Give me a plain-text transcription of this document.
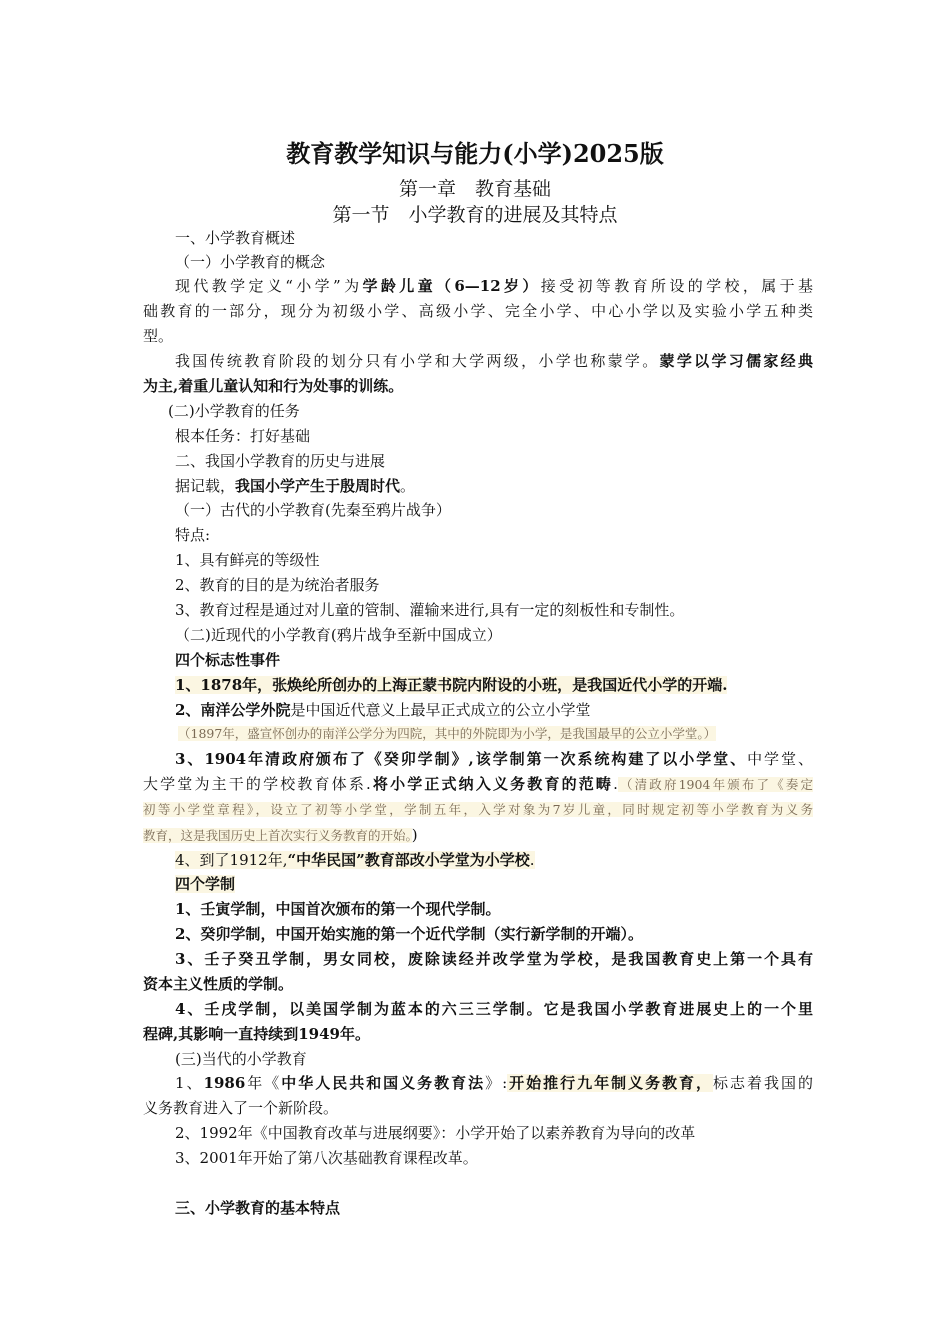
教育教学知识与能力(小学)2025版
第一章　教育基础
第一节　小学教育的进展及其特点
一、小学教育概述
（一）小学教育的概念
现代教学定义“小学”为学龄儿童（6—12岁）接受初等教育所设的学校，属于基
础教育的一部分，现分为初级小学、高级小学、完全小学、中心小学以及实验小学五种类
型。
我国传统教育阶段的划分只有小学和大学两级，小学也称蒙学。蒙学以学习儒家经典
为主,着重儿童认知和行为处事的训练。
(二)小学教育的任务
根本任务：打好基础
二、我国小学教育的历史与进展
据记载，我国小学产生于殷周时代。
（一）古代的小学教育(先秦至鸦片战争）
特点:
1、具有鲜亮的等级性
2、教育的目的是为统治者服务
3、教育过程是通过对儿童的管制、灌输来进行,具有一定的刻板性和专制性。
（二)近现代的小学教育(鸦片战争至新中国成立）
四个标志性事件
1、1878年，张焕纶所创办的上海正蒙书院内附设的小班，是我国近代小学的开端.
2、南洋公学外院是中国近代意义上最早正式成立的公立小学堂
（1897年，盛宣怀创办的南洋公学分为四院，其中的外院即为小学，是我国最早的公立小学堂。）
3、1904年清政府颁布了《癸卯学制》,该学制第一次系统构建了以小学堂、中学堂、
大学堂为主干的学校教育体系.将小学正式纳入义务教育的范畴.（清政府1904年颁布了《奏定
初等小学堂章程》，设立了初等小学堂，学制五年，入学对象为7岁儿童，同时规定初等小学教育为义务
教育，这是我国历史上首次实行义务教育的开始。)
4、到了1912年,“中华民国”教育部改小学堂为小学校.
四个学制
1、壬寅学制，中国首次颁布的第一个现代学制。
2、癸卯学制，中国开始实施的第一个近代学制（实行新学制的开端）。
3、壬子癸丑学制，男女同校，废除读经并改学堂为学校，是我国教育史上第一个具有
资本主义性质的学制。
4、壬戌学制，以美国学制为蓝本的六三三学制。它是我国小学教育进展史上的一个里
程碑,其影响一直持续到1949年。
(三)当代的小学教育
1、1986年《中华人民共和国义务教育法》:开始推行九年制义务教育，标志着我国的
义务教育进入了一个新阶段。
2、1992年《中国教育改革与进展纲要》：小学开始了以素养教育为导向的改革
3、2001年开始了第八次基础教育课程改革。
三、小学教育的基本特点
